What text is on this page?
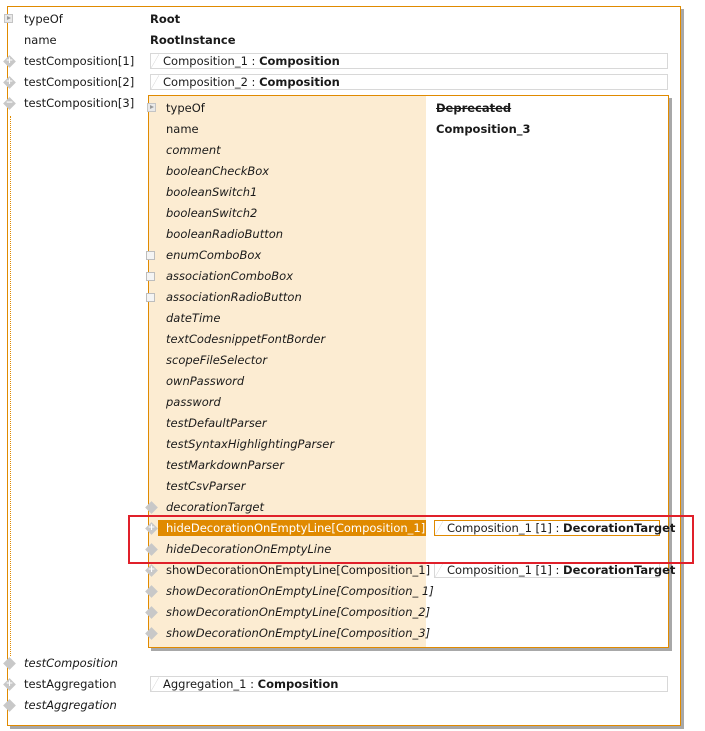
typeOf	Root
name	RootInstance
+
testComposition[1]	Composition_1 : Composition
+
testComposition[2]	Composition_2 : Composition
−
testComposition[3]	typeOf	Deprecated
name	Composition_3
comment
booleanCheckBox
booleanSwitch1
booleanSwitch2
booleanRadioButton
enumComboBox
associationComboBox
associationRadioButton
dateTime
textCodesnippetFontBorder
scopeFileSelector
ownPassword
password
testDefaultParser
testSyntaxHighlightingParser
testMarkdownParser
testCsvParser
decorationTarget
+
hideDecorationOnEmptyLine[Composition_1]	Composition_1 [1] : DecorationTarget
hideDecorationOnEmptyLine
+
showDecorationOnEmptyLine[Composition_1]	Composition_1 [1] : DecorationTarget
showDecorationOnEmptyLine[Composition_ 1]
showDecorationOnEmptyLine[Composition_2]
showDecorationOnEmptyLine[Composition_3]
testComposition
+
testAggregation	Aggregation_1 : Composition
testAggregation
